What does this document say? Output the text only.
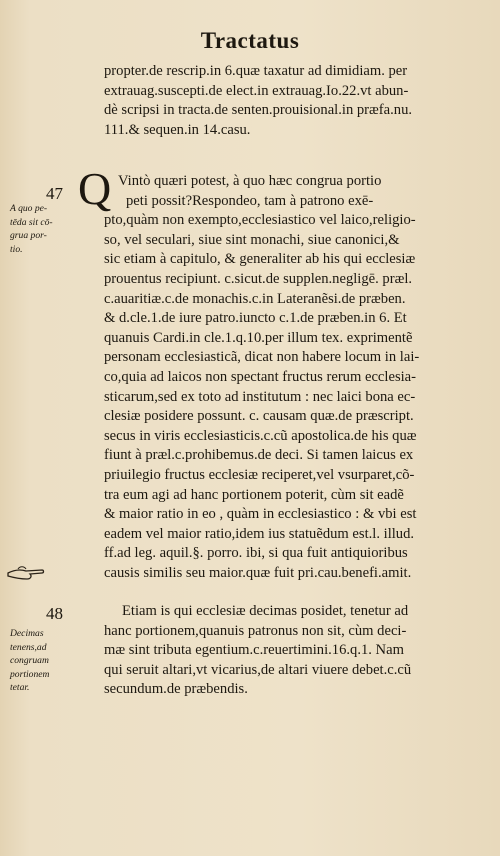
Tractatus
propter.de rescrip.in 6.quæ taxatur ad dimidiam. per
extrauag.suscepti.de elect.in extrauag.Io.22.vt abun-
dè scripsi in tracta.de senten.prouisional.in præfa.nu.
111.& sequen.in 14.casu.
47
A quo pe-
tēda sit cō-
grua por-
tio.
Q Vintò quæri potest, à quo hæc congrua portio
peti possit?Respondeo, tam à patrono exē-
pto,quàm non exempto,ecclesiastico vel laico,religio-
so, vel seculari, siue sint monachi, siue canonici,&
sic etiam à capitulo, & generaliter ab his qui ecclesiæ
prouentus recipiunt. c.sicut.de supplen.negligē. præl.
c.auaritiæ.c.de monachis.c.in Lateranẽsi.de præben.
& d.cle.1.de iure patro.iuncto c.1.de præben.in 6. Et
quanuis Cardi.in cle.1.q.10.per illum tex. exprimentẽ
personam ecclesiasticã, dicat non habere locum in lai-
co,quia ad laicos non spectant fructus rerum ecclesia-
sticarum,sed ex toto ad institutum : nec laici bona ec-
clesiæ posidere possunt. c. causam quæ.de præscript.
secus in viris ecclesiasticis.c.cũ apostolica.de his quæ
fiunt à præl.c.prohibemus.de deci. Si tamen laicus ex
priuilegio fructus ecclesiæ reciperet,vel vsurparet,cõ-
tra eum agi ad hanc portionem poterit, cùm sit eadẽ
& maior ratio in eo , quàm in ecclesiastico : & vbi est
eadem vel maior ratio,idem ius statuẽdum est.l. illud.
ff.ad leg. aquil.§. porro. ibi, si qua fuit antiquioribus
causis similis seu maior.quæ fuit pri.cau.benefi.amit.
48
Decimas
tenens,ad
congruam
portionem
tetar.
Etiam is qui ecclesiæ decimas posidet, tenetur ad
hanc portionem,quanuis patronus non sit, cùm deci-
mæ sint tributa egentium.c.reuertimini.16.q.1. Nam
qui seruit altari,vt vicarius,de altari viuere debet.c.cũ
secundum.de præbendis.
